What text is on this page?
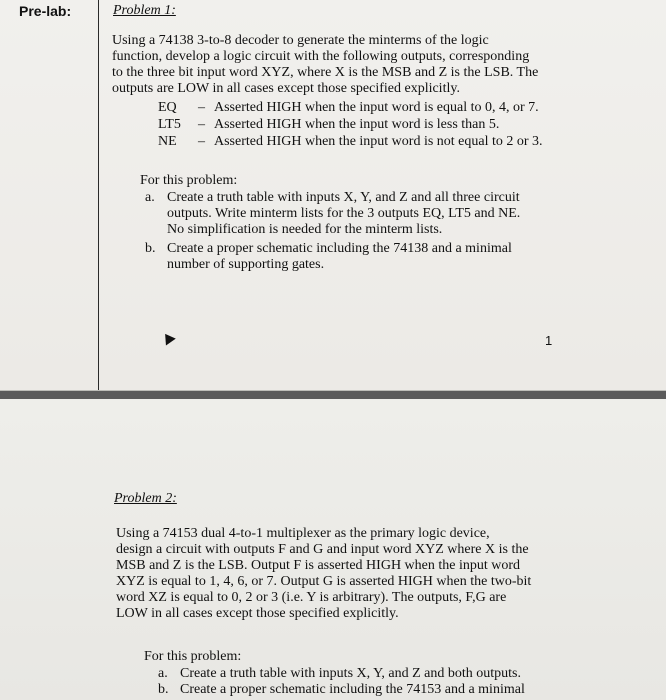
Pre-lab:	Problem 1:
Using a 74138 3-to-8 decoder to generate the minterms of the logic
function, develop a logic circuit with the following outputs, corresponding
to the three bit input word XYZ, where X is the MSB and Z is the LSB. The
outputs are LOW in all cases except those specified explicitly.
EQ – Asserted HIGH when the input word is equal to 0, 4, or 7.
LT5 – Asserted HIGH when the input word is less than 5.
NE – Asserted HIGH when the input word is not equal to 2 or 3.
For this problem:
a. Create a truth table with inputs X, Y, and Z and all three circuit
outputs. Write minterm lists for the 3 outputs EQ, LT5 and NE.
No simplification is needed for the minterm lists.
b. Create a proper schematic including the 74138 and a minimal
number of supporting gates.
1
Problem 2:
Using a 74153 dual 4-to-1 multiplexer as the primary logic device,
design a circuit with outputs F and G and input word XYZ where X is the
MSB and Z is the LSB. Output F is asserted HIGH when the input word
XYZ is equal to 1, 4, 6, or 7. Output G is asserted HIGH when the two-bit
word XZ is equal to 0, 2 or 3 (i.e. Y is arbitrary). The outputs, F,G are
LOW in all cases except those specified explicitly.
For this problem:
a. Create a truth table with inputs X, Y, and Z and both outputs.
b. Create a proper schematic including the 74153 and a minimal
